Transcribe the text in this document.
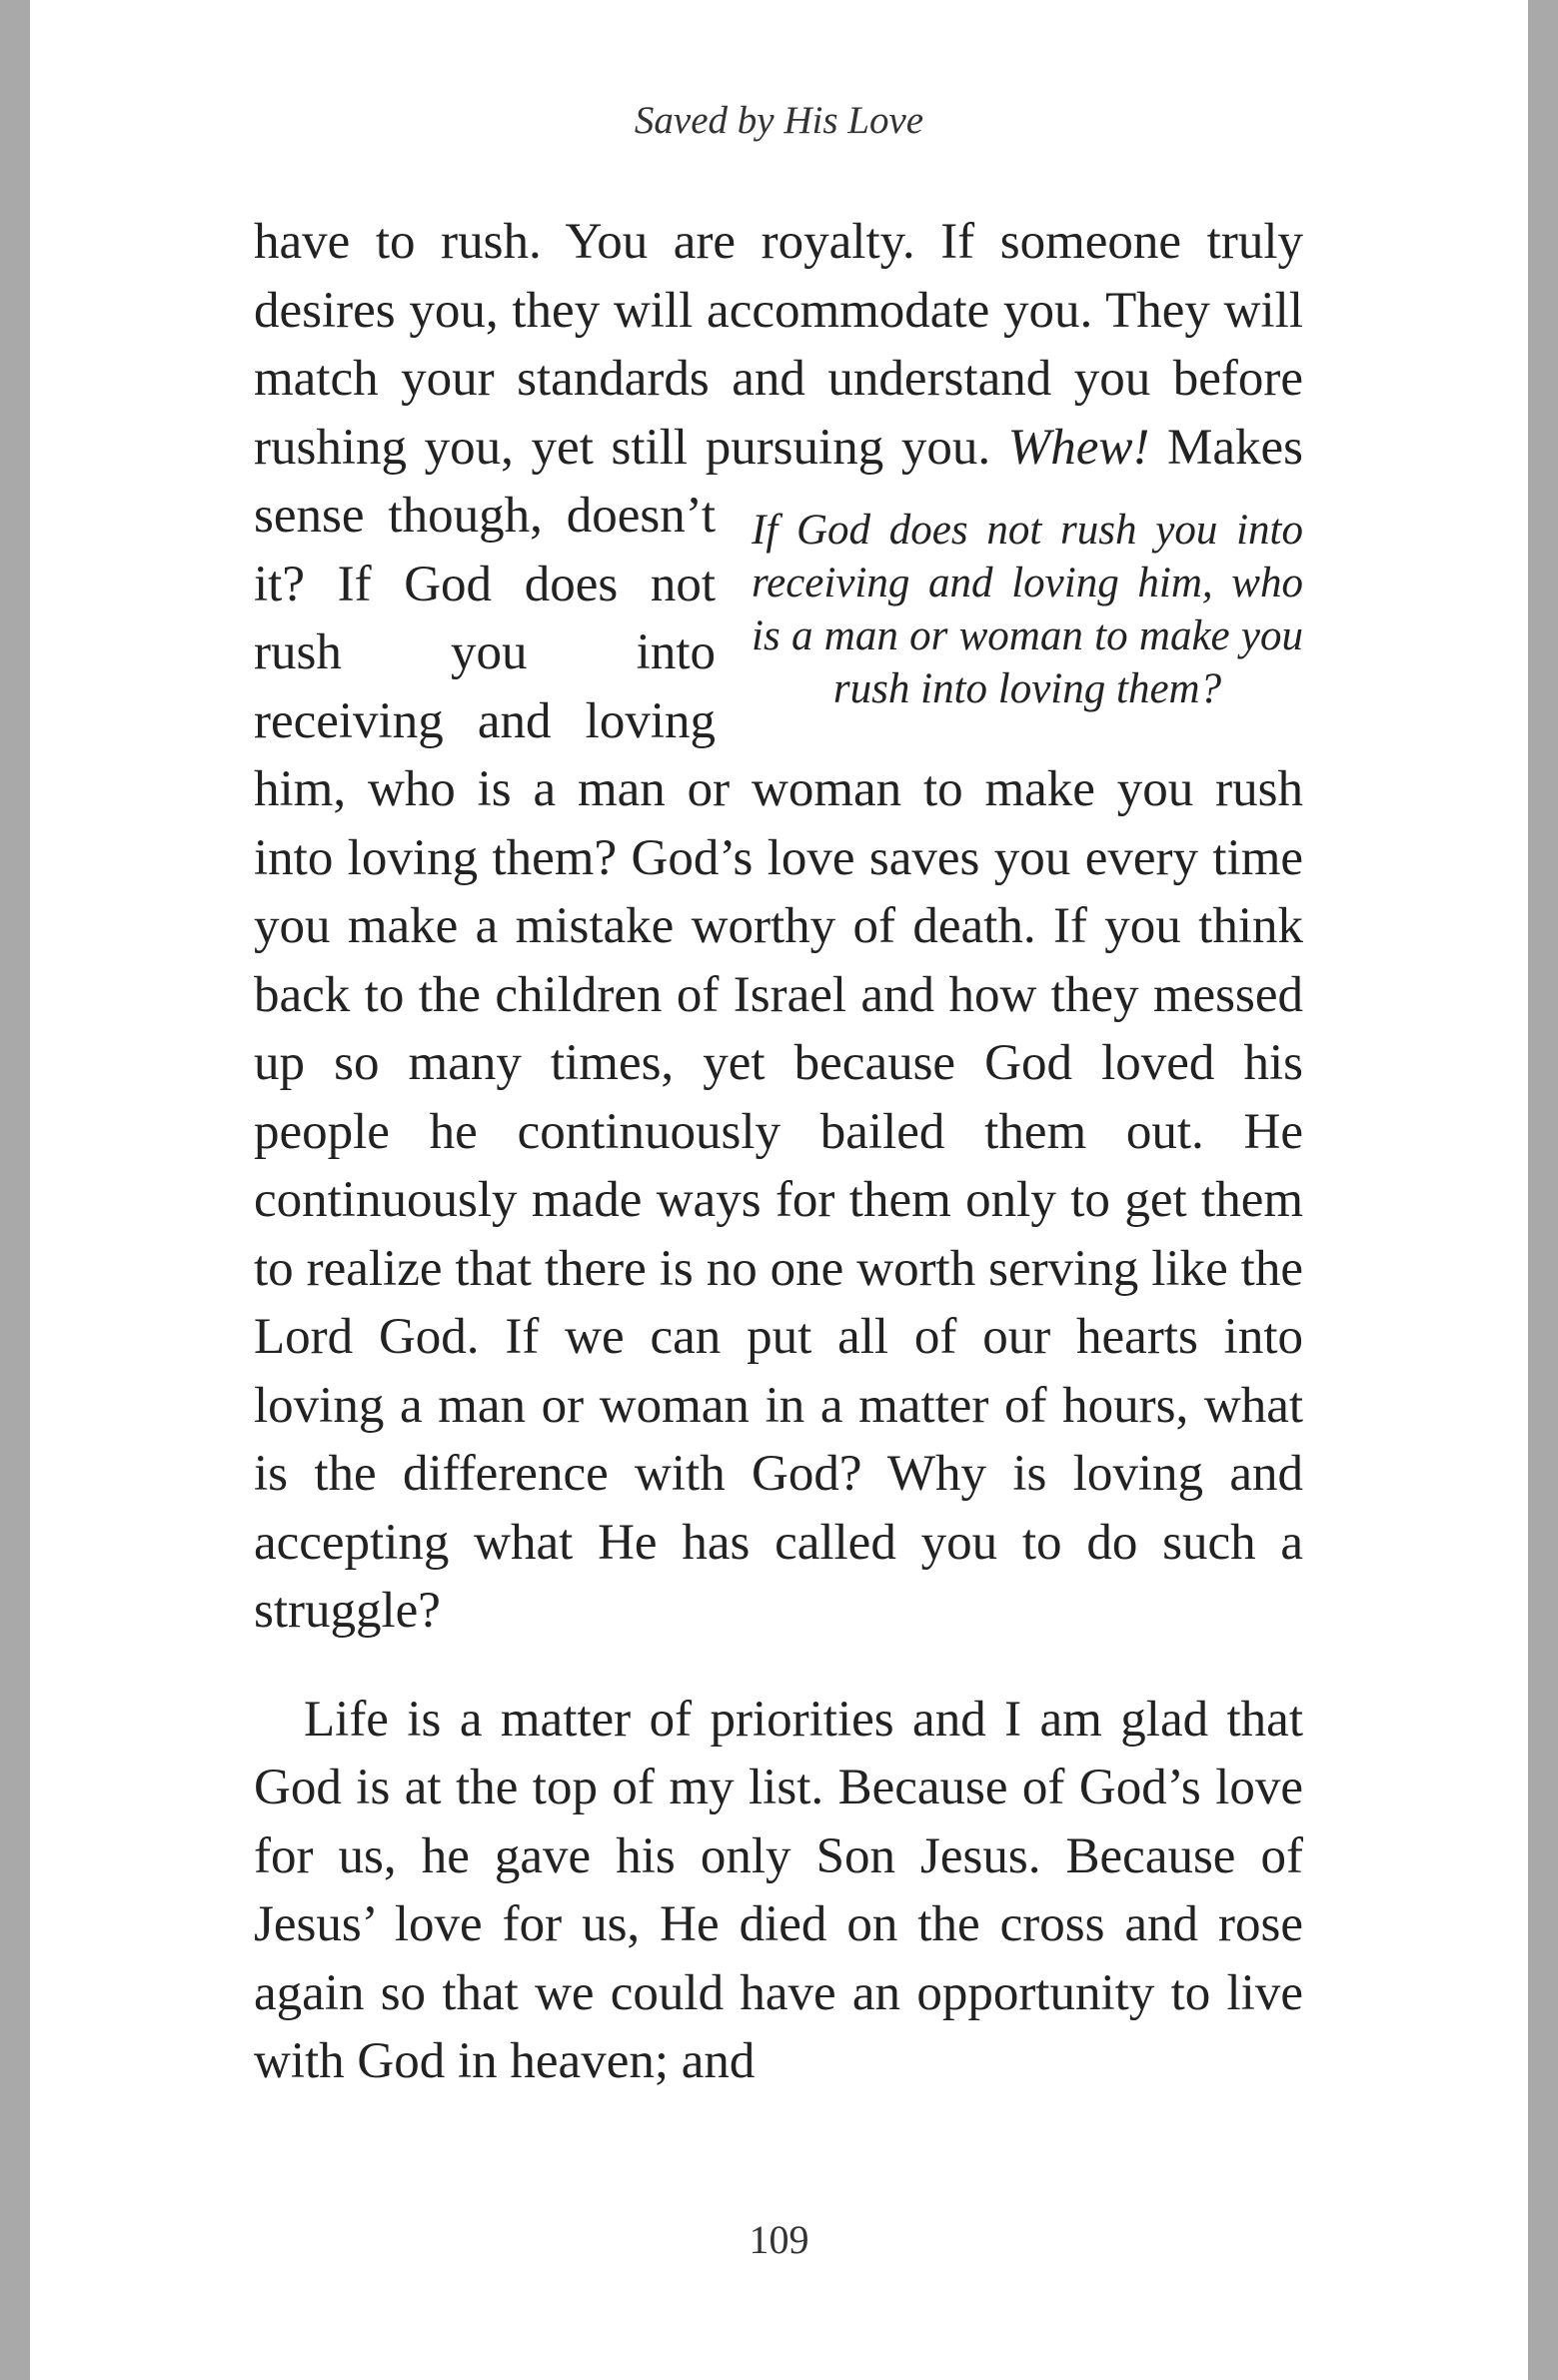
Saved by His Love

have to rush. You are royalty. If someone truly desires you, they will accommodate you. They will match your standards and understand you before rushing you, yet still pursuing you.
If God does not rush you into receiving and loving him, who is a man or woman to make you rush into loving them?
Whew! Makes sense though, doesn’t it? If God does not rush you into receiving and loving him, who is a man or woman to make you rush into loving them? God’s love saves you every time you make a mistake worthy of death. If you think back to the children of Israel and how they messed up so many times, yet because God loved his people he continuously bailed them out. He continuously made ways for them only to get them to realize that there is no one worth serving like the Lord God. If we can put all of our hearts into loving a man or woman in a matter of hours, what is the difference with God? Why is loving and accepting what He has called you to do such a struggle?

Life is a matter of priorities and I am glad that God is at the top of my list. Because of God’s love for us, he gave his only Son Jesus. Because of Jesus’ love for us, He died on the cross and rose again so that we could have an opportunity to live with God in heaven; and

109
